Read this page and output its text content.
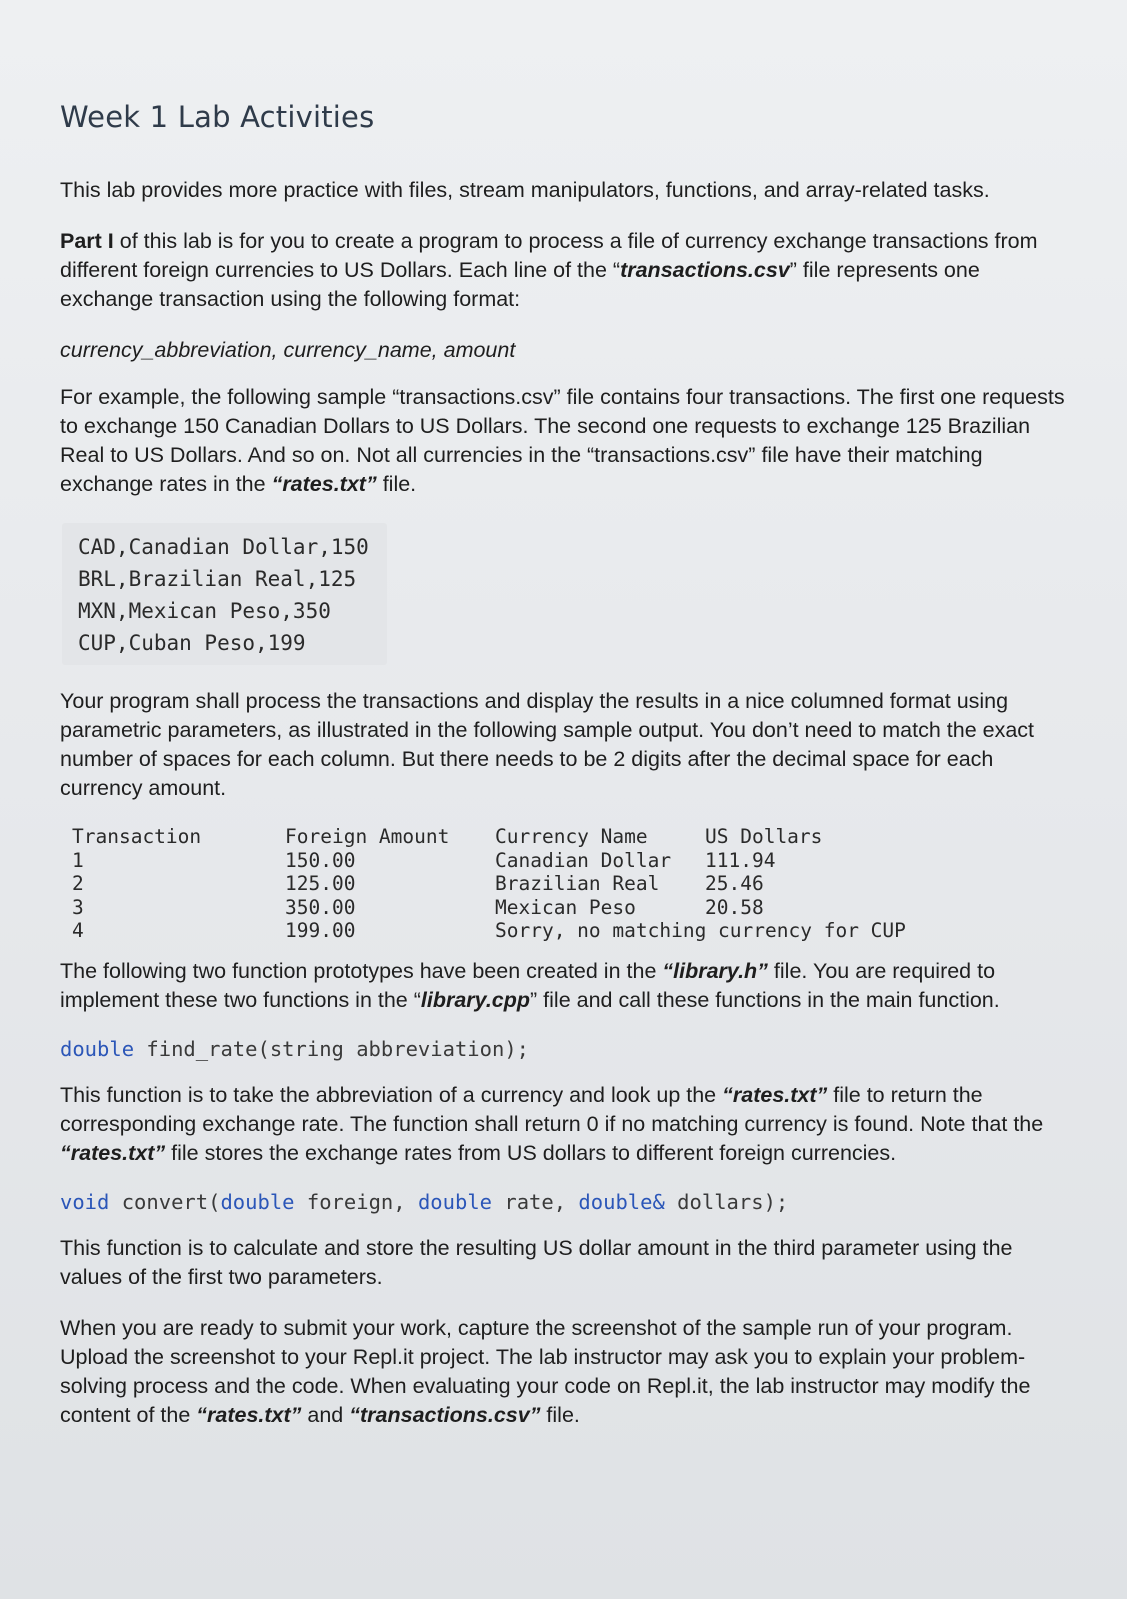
Week 1 Lab Activities

This lab provides more practice with files, stream manipulators, functions, and array-related tasks.

Part I of this lab is for you to create a program to process a file of currency exchange transactions from different foreign currencies to US Dollars. Each line of the “transactions.csv” file represents one exchange transaction using the following format:

currency_abbreviation, currency_name, amount

For example, the following sample “transactions.csv” file contains four transactions. The first one requests to exchange 150 Canadian Dollars to US Dollars. The second one requests to exchange 125 Brazilian Real to US Dollars. And so on. Not all currencies in the “transactions.csv” file have their matching exchange rates in the “rates.txt” file.

CAD,Canadian Dollar,150
BRL,Brazilian Real,125
MXN,Mexican Peso,350
CUP,Cuban Peso,199

Your program shall process the transactions and display the results in a nice columned format using parametric parameters, as illustrated in the following sample output. You don’t need to match the exact number of spaces for each column. But there needs to be 2 digits after the decimal space for each currency amount.

Transaction	Foreign Amount	Currency Name	US Dollars
1	150.00	Canadian Dollar	111.94
2	125.00	Brazilian Real	25.46
3	350.00	Mexican Peso	20.58
4	199.00	Sorry, no matching currency for CUP	

The following two function prototypes have been created in the “library.h” file. You are required to implement these two functions in the “library.cpp” file and call these functions in the main function.

double find_rate(string abbreviation);

This function is to take the abbreviation of a currency and look up the “rates.txt” file to return the corresponding exchange rate. The function shall return 0 if no matching currency is found. Note that the “rates.txt” file stores the exchange rates from US dollars to different foreign currencies.

void convert(double foreign, double rate, double& dollars);

This function is to calculate and store the resulting US dollar amount in the third parameter using the values of the first two parameters.

When you are ready to submit your work, capture the screenshot of the sample run of your program. Upload the screenshot to your Repl.it project. The lab instructor may ask you to explain your problem-solving process and the code. When evaluating your code on Repl.it, the lab instructor may modify the content of the “rates.txt” and “transactions.csv” file.
